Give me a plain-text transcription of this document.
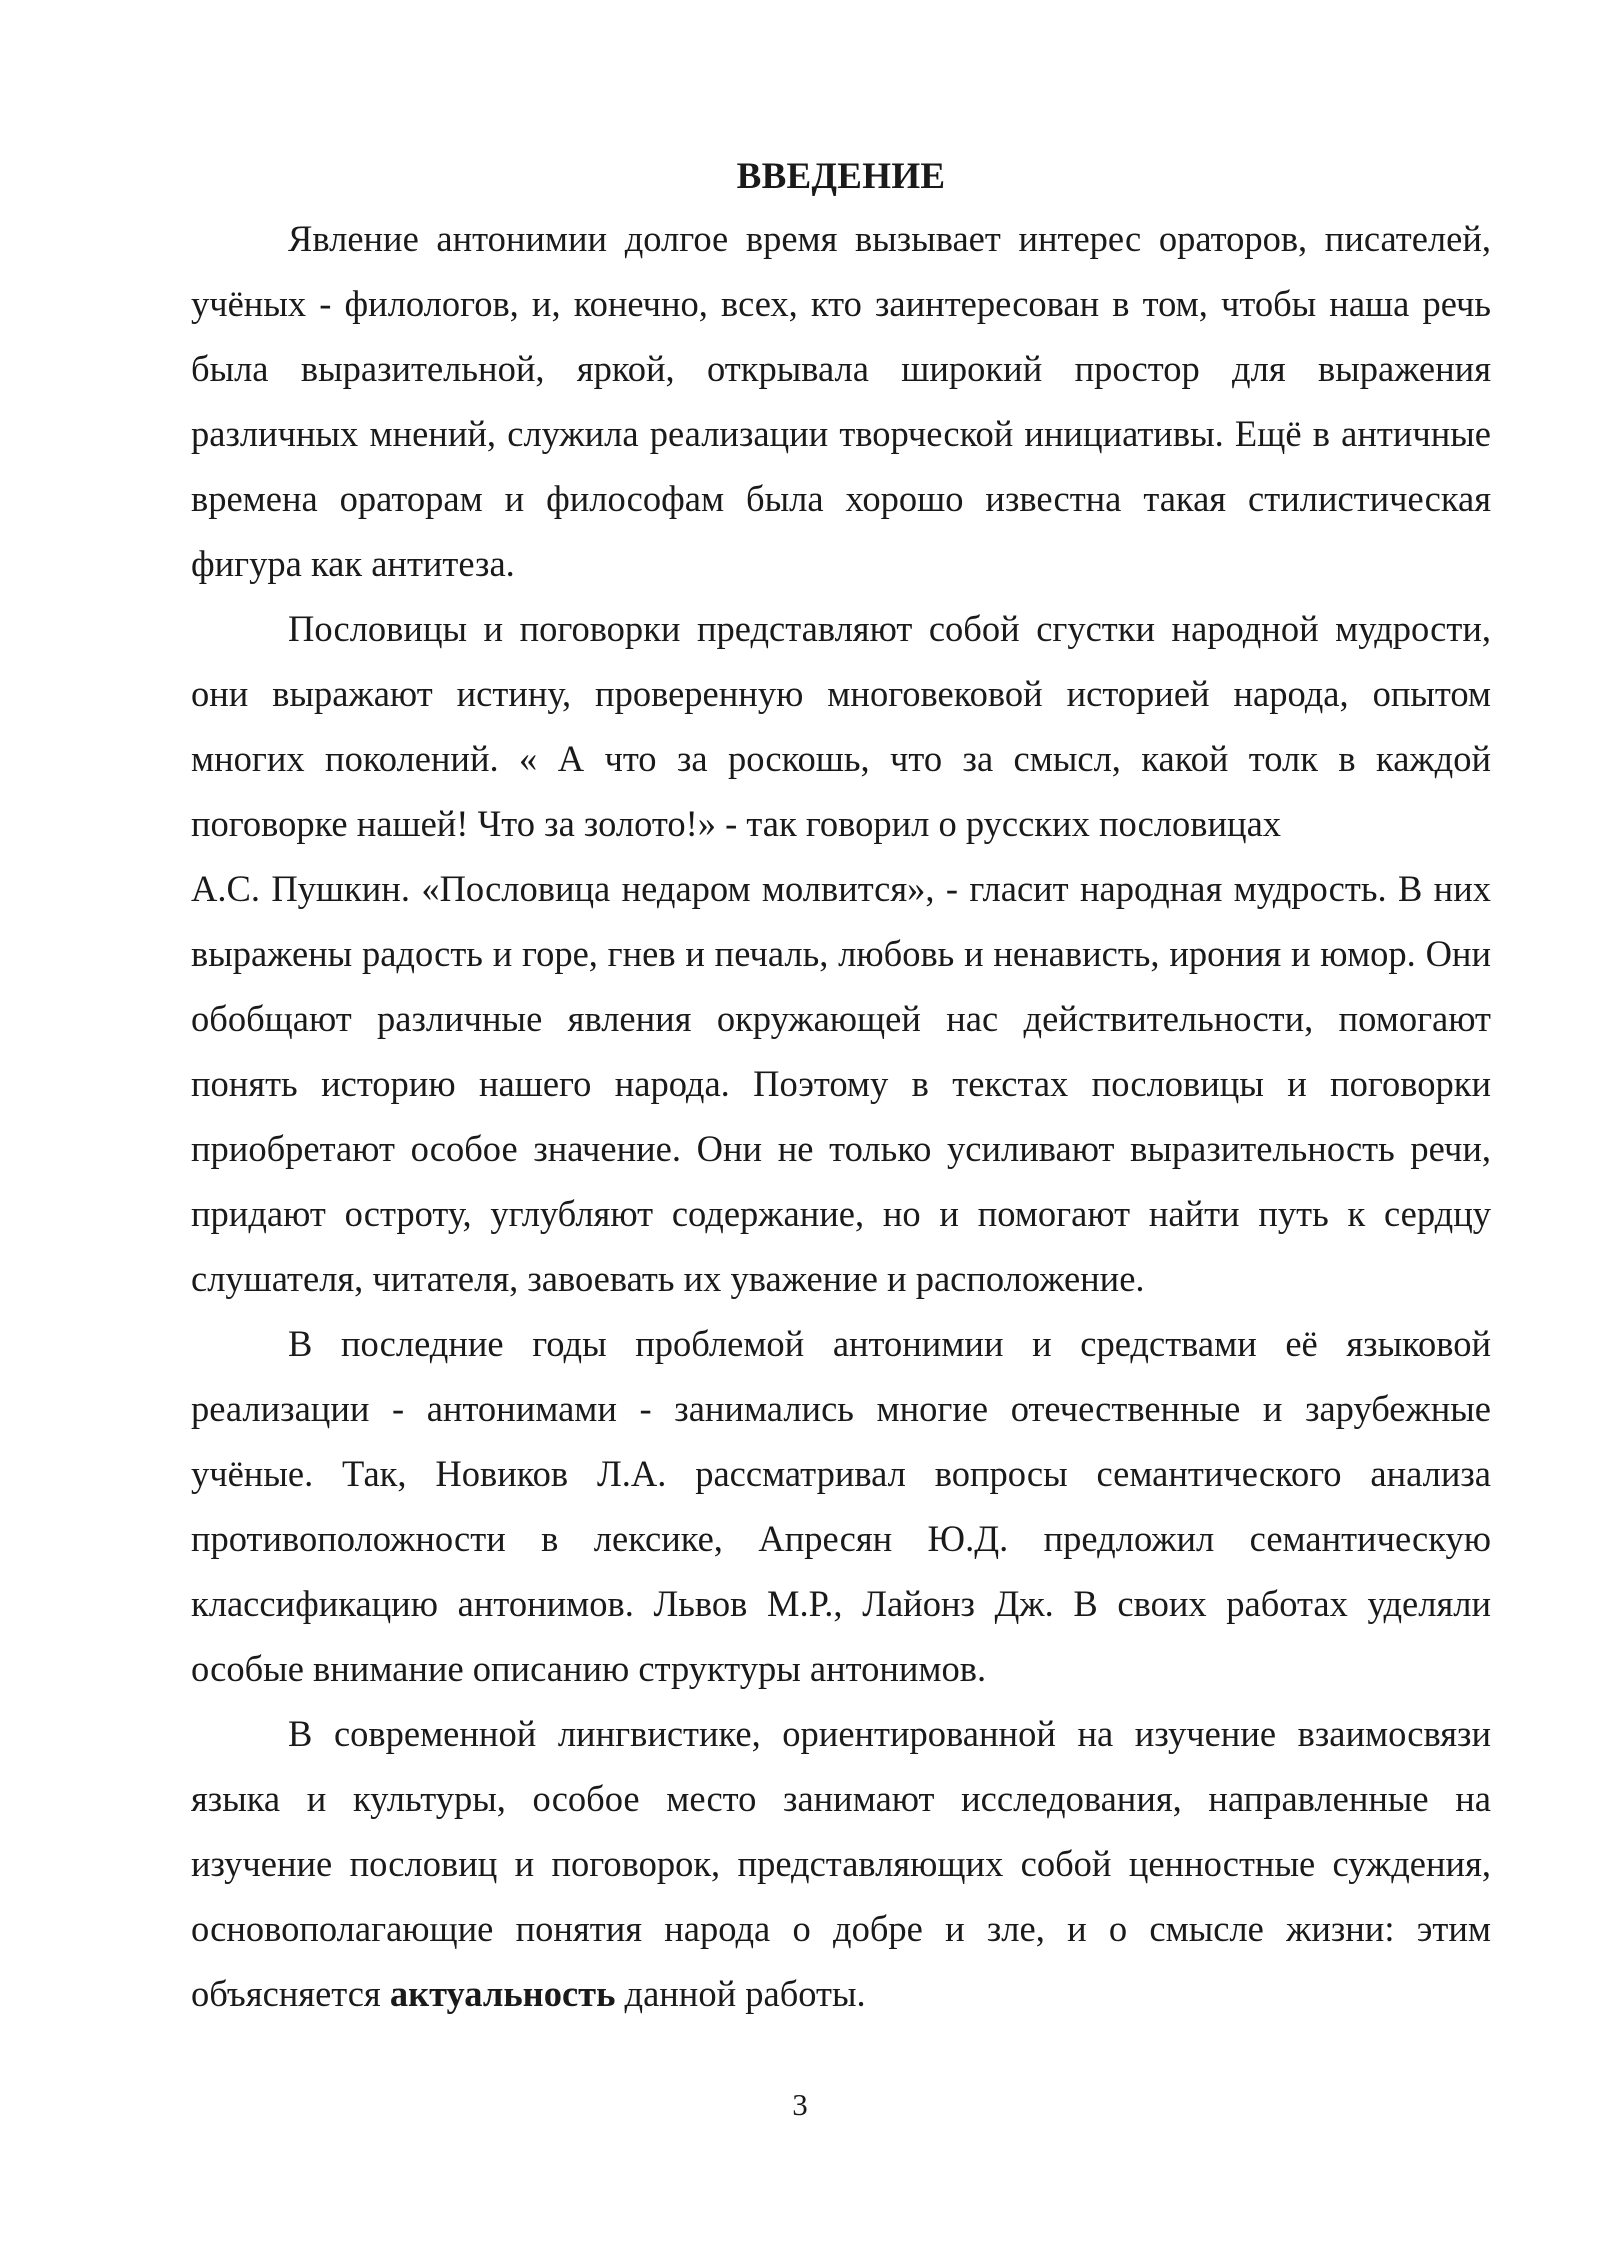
ВВЕДЕНИЕ

Явление антонимии долгое время вызывает интерес ораторов, писателей, учёных - филологов, и, конечно, всех, кто заинтересован в том, чтобы наша речь была выразительной, яркой, открывала широкий простор для выражения различных мнений, служила реализации творческой инициативы. Ещё в античные времена ораторам и философам была хорошо известна такая стилистическая фигура как антитеза.

Пословицы и поговорки представляют собой сгустки народной мудрости, они выражают истину, проверенную многовековой историей народа, опытом многих поколений. « А что за роскошь, что за смысл, какой толк в каждой поговорке нашей! Что за золото!» - так говорил о русских пословицах
А.С. Пушкин. «Пословица недаром молвится», - гласит народная мудрость. В них выражены радость и горе, гнев и печаль, любовь и ненависть, ирония и юмор. Они обобщают различные явления окружающей нас действительности, помогают понять историю нашего народа. Поэтому в текстах пословицы и поговорки приобретают особое значение. Они не только усиливают выразительность речи, придают остроту, углубляют содержание, но и помогают найти путь к сердцу слушателя, читателя, завоевать их уважение и расположение.

В последние годы проблемой антонимии и средствами её языковой реализации - антонимами - занимались многие отечественные и зарубежные учёные. Так, Новиков Л.А. рассматривал вопросы семантического анализа противоположности в лексике, Апресян Ю.Д. предложил семантическую классификацию антонимов. Львов М.Р., Лайонз Дж. В своих работах уделяли особые внимание описанию структуры антонимов.

В современной лингвистике, ориентированной на изучение взаимосвязи языка и культуры, особое место занимают исследования, направленные на изучение пословиц и поговорок, представляющих собой ценностные суждения, основополагающие понятия народа о добре и зле, и о смысле жизни: этим объясняется актуальность данной работы.

3
